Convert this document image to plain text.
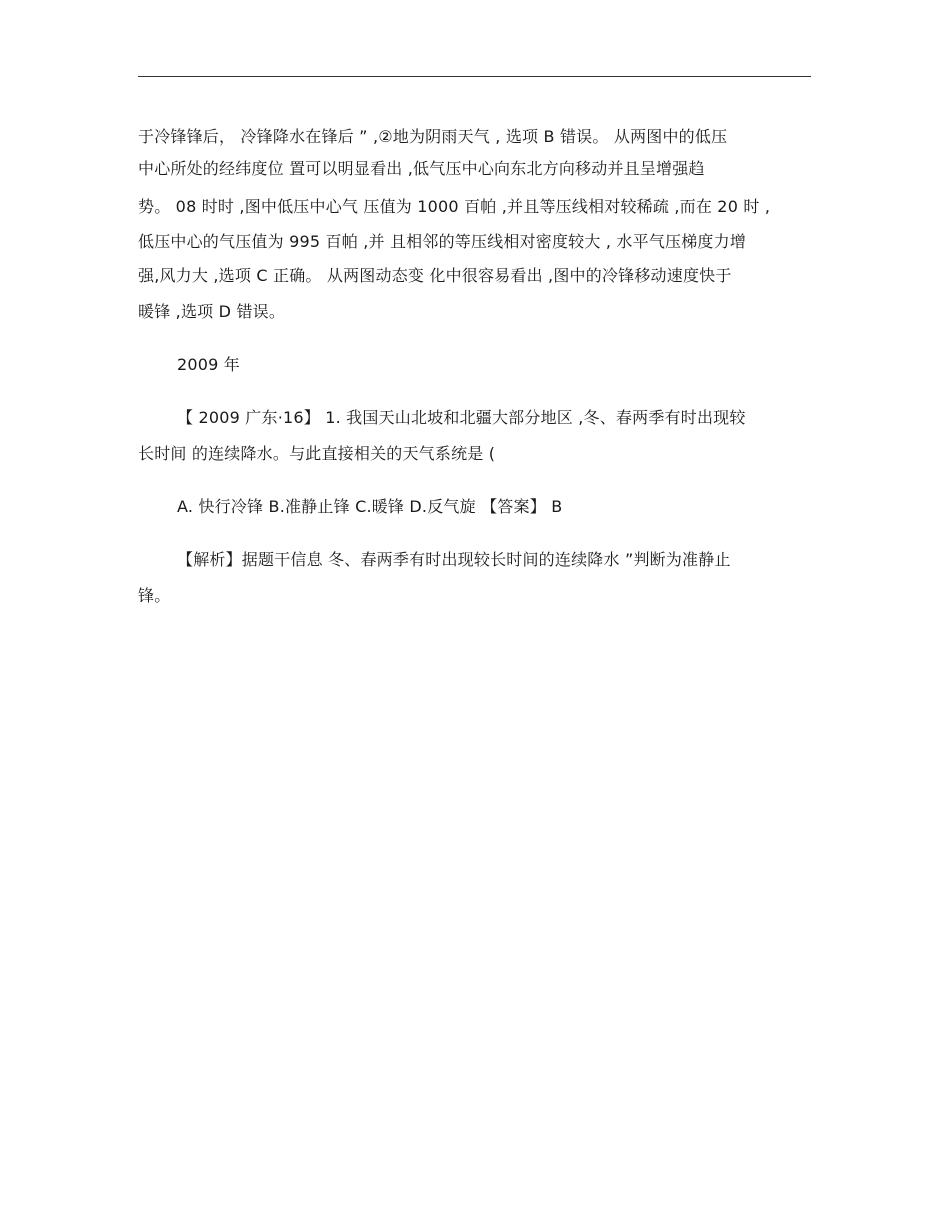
于冷锋锋后， 冷锋降水在锋后 ” ,②地为阴雨天气 , 选项 B 错误。 从两图中的低压
中心所处的经纬度位 置可以明显看出 ,低气压中心向东北方向移动并且呈增强趋
势。 08 时时 ,图中低压中心气 压值为 1000 百帕 ,并且等压线相对较稀疏 ,而在 20 时 ,
低压中心的气压值为 995 百帕 ,并 且相邻的等压线相对密度较大 , 水平气压梯度力增
强,风力大 ,选项 C 正确。 从两图动态变 化中很容易看出 ,图中的冷锋移动速度快于
暖锋 ,选项 D 错误。
2009 年
【 2009 广东·16】 1. 我国天山北坡和北疆大部分地区 ,冬、春两季有时出现较
长时间 的连续降水。与此直接相关的天气系统是 (
A. 快行冷锋 B.准静止锋 C.暖锋 D.反气旋 【答案】 B
【解析】据题干信息 冬、春两季有时出现较长时间的连续降水 ”判断为准静止
锋。
